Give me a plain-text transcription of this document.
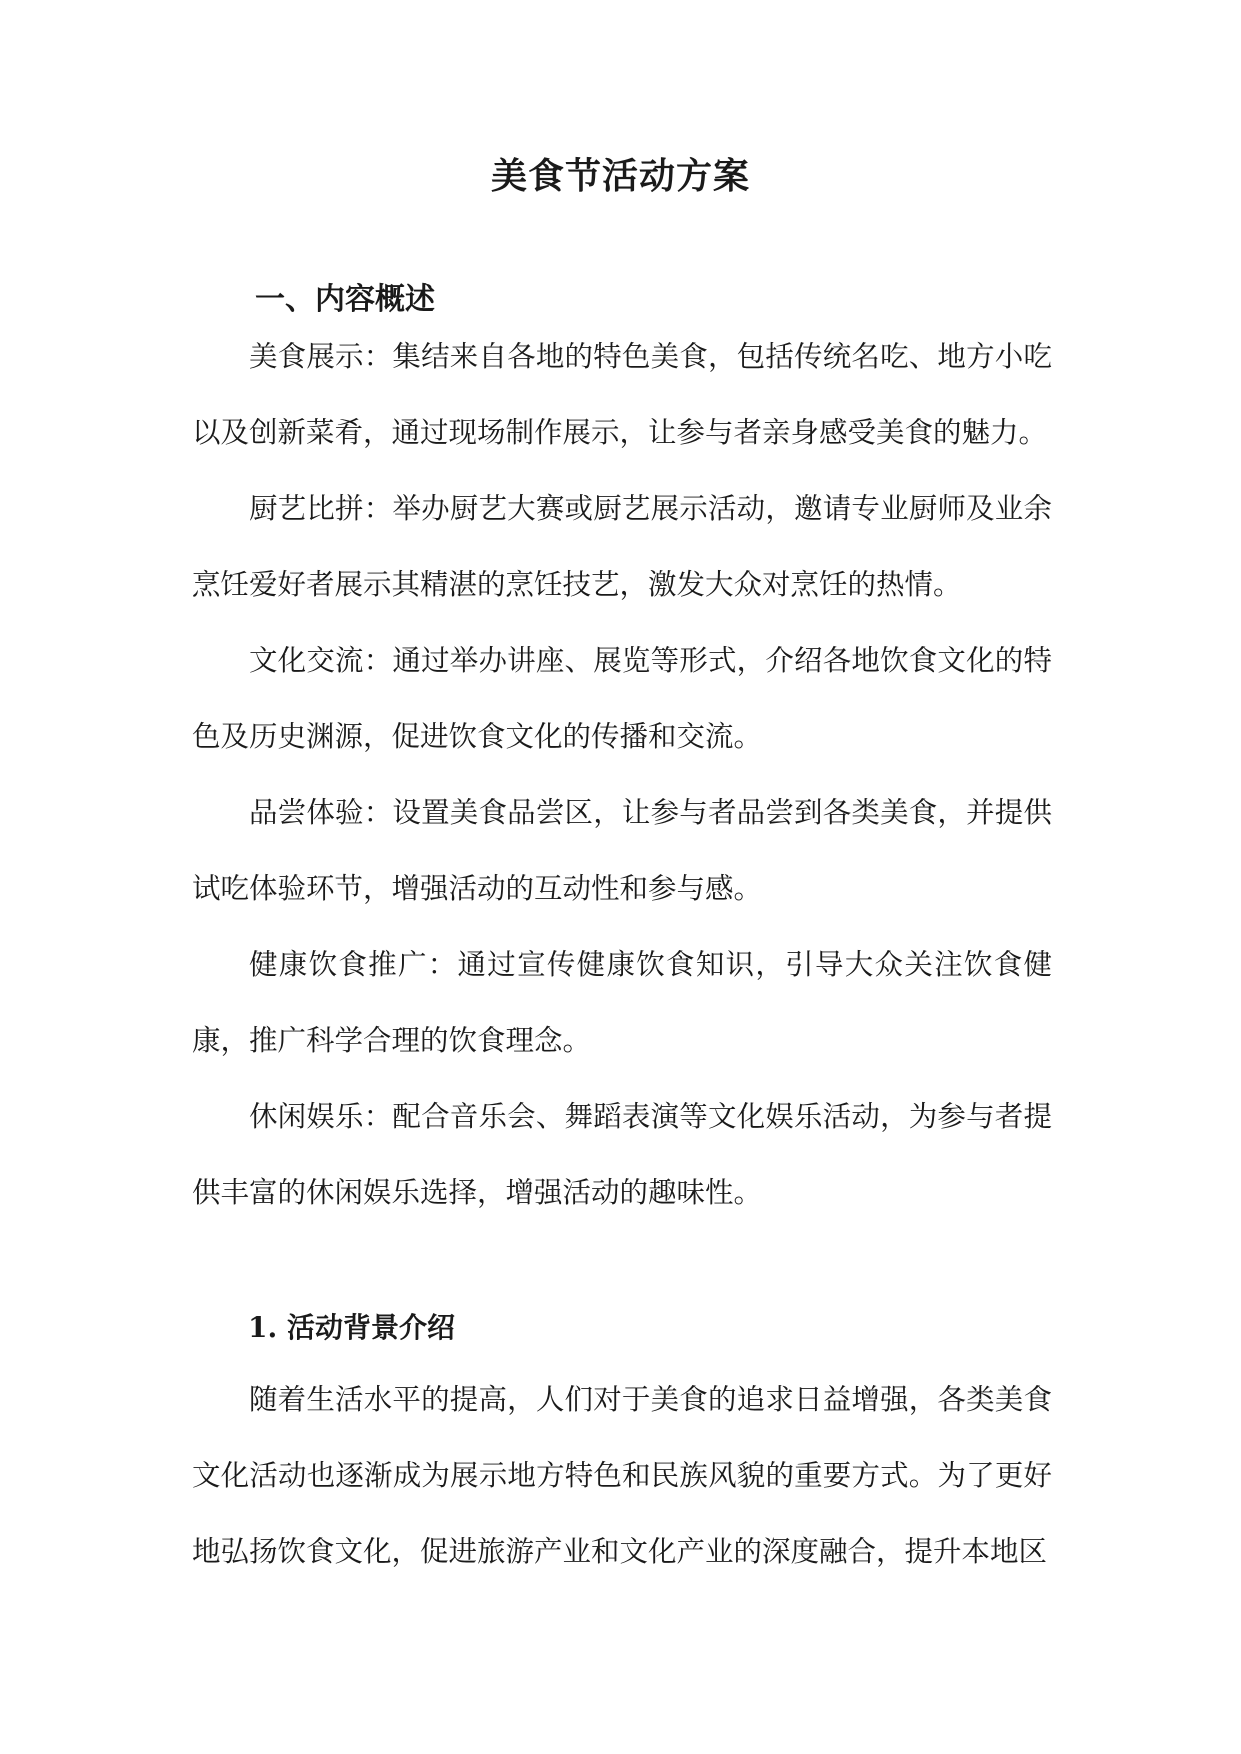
美食节活动方案
一、内容概述

美食展示：集结来自各地的特色美食，包括传统名吃、地方小吃以及创新菜肴，通过现场制作展示，让参与者亲身感受美食的魅力。

厨艺比拼：举办厨艺大赛或厨艺展示活动，邀请专业厨师及业余烹饪爱好者展示其精湛的烹饪技艺，激发大众对烹饪的热情。

文化交流：通过举办讲座、展览等形式，介绍各地饮食文化的特色及历史渊源，促进饮食文化的传播和交流。

品尝体验：设置美食品尝区，让参与者品尝到各类美食，并提供试吃体验环节，增强活动的互动性和参与感。

健康饮食推广：通过宣传健康饮食知识，引导大众关注饮食健康，推广科学合理的饮食理念。

休闲娱乐：配合音乐会、舞蹈表演等文化娱乐活动，为参与者提供丰富的休闲娱乐选择，增强活动的趣味性。

1. 活动背景介绍

随着生活水平的提高，人们对于美食的追求日益增强，各类美食文化活动也逐渐成为展示地方特色和民族风貌的重要方式。为了更好地弘扬饮食文化，促进旅游产业和文化产业的深度融合，提升本地区
